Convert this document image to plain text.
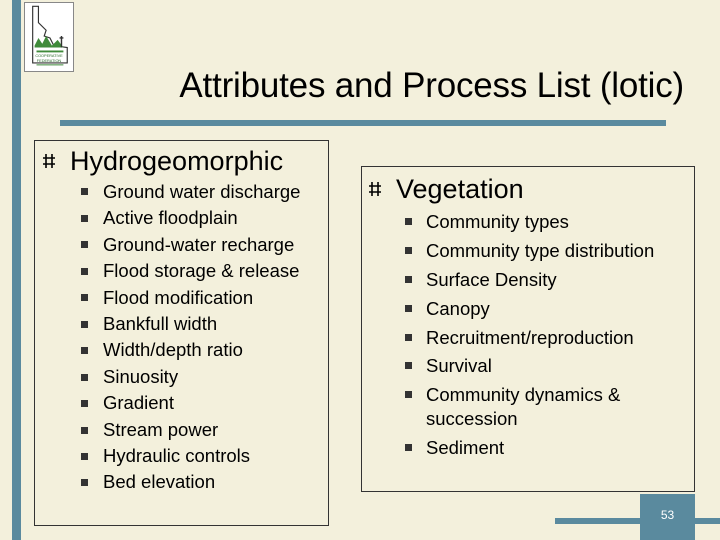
COOPERATIVE
FEDERATION
Attributes and Process List (lotic)
Hydrogeomorphic
Ground water discharge
Active floodplain
Ground-water recharge
Flood storage & release
Flood modification
Bankfull width
Width/depth ratio
Sinuosity
Gradient
Stream power
Hydraulic controls
Bed elevation
Vegetation
Community types
Community type distribution
Surface Density
Canopy
Recruitment/reproduction
Survival
Community dynamics &
succession
Sediment
53
